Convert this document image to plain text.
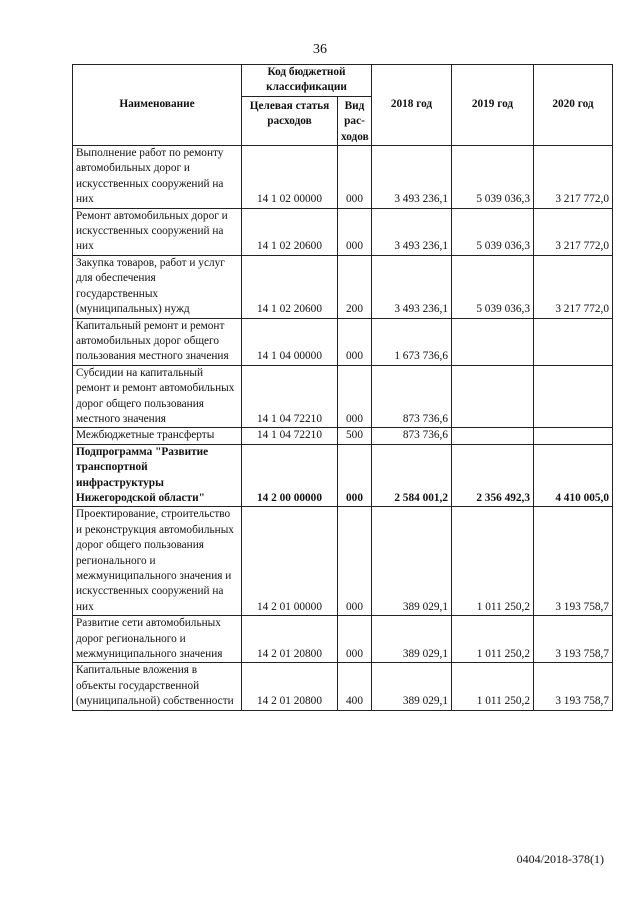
36
Наименование	Код бюджетной классификации		2018 год	2019 год	2020 год
	Целевая статья расходов	Вид рас-ходов			
Выполнение работ по ремонту автомобильных дорог и искусственных сооружений на них	14 1 02 00000	000	3 493 236,1	5 039 036,3	3 217 772,0
Ремонт автомобильных дорог и искусственных сооружений на них	14 1 02 20600	000	3 493 236,1	5 039 036,3	3 217 772,0
Закупка товаров, работ и услуг для обеспечения государственных (муниципальных) нужд	14 1 02 20600	200	3 493 236,1	5 039 036,3	3 217 772,0
Капитальный ремонт и ремонт автомобильных дорог общего пользования местного значения	14 1 04 00000	000	1 673 736,6		
Субсидии на капитальный ремонт и ремонт автомобильных дорог общего пользования местного значения	14 1 04 72210	000	873 736,6		
Межбюджетные трансферты	14 1 04 72210	500	873 736,6		
Подпрограмма "Развитие транспортной инфраструктуры Нижегородской области"	14 2 00 00000	000	2 584 001,2	2 356 492,3	4 410 005,0
Проектирование, строительство и реконструкция автомобильных дорог общего пользования регионального и межмуниципального значения и искусственных сооружений на них	14 2 01 00000	000	389 029,1	1 011 250,2	3 193 758,7
Развитие сети автомобильных дорог регионального и межмуниципального значения	14 2 01 20800	000	389 029,1	1 011 250,2	3 193 758,7
Капитальные вложения в объекты государственной (муниципальной) собственности	14 2 01 20800	400	389 029,1	1 011 250,2	3 193 758,7
0404/2018-378(1)
